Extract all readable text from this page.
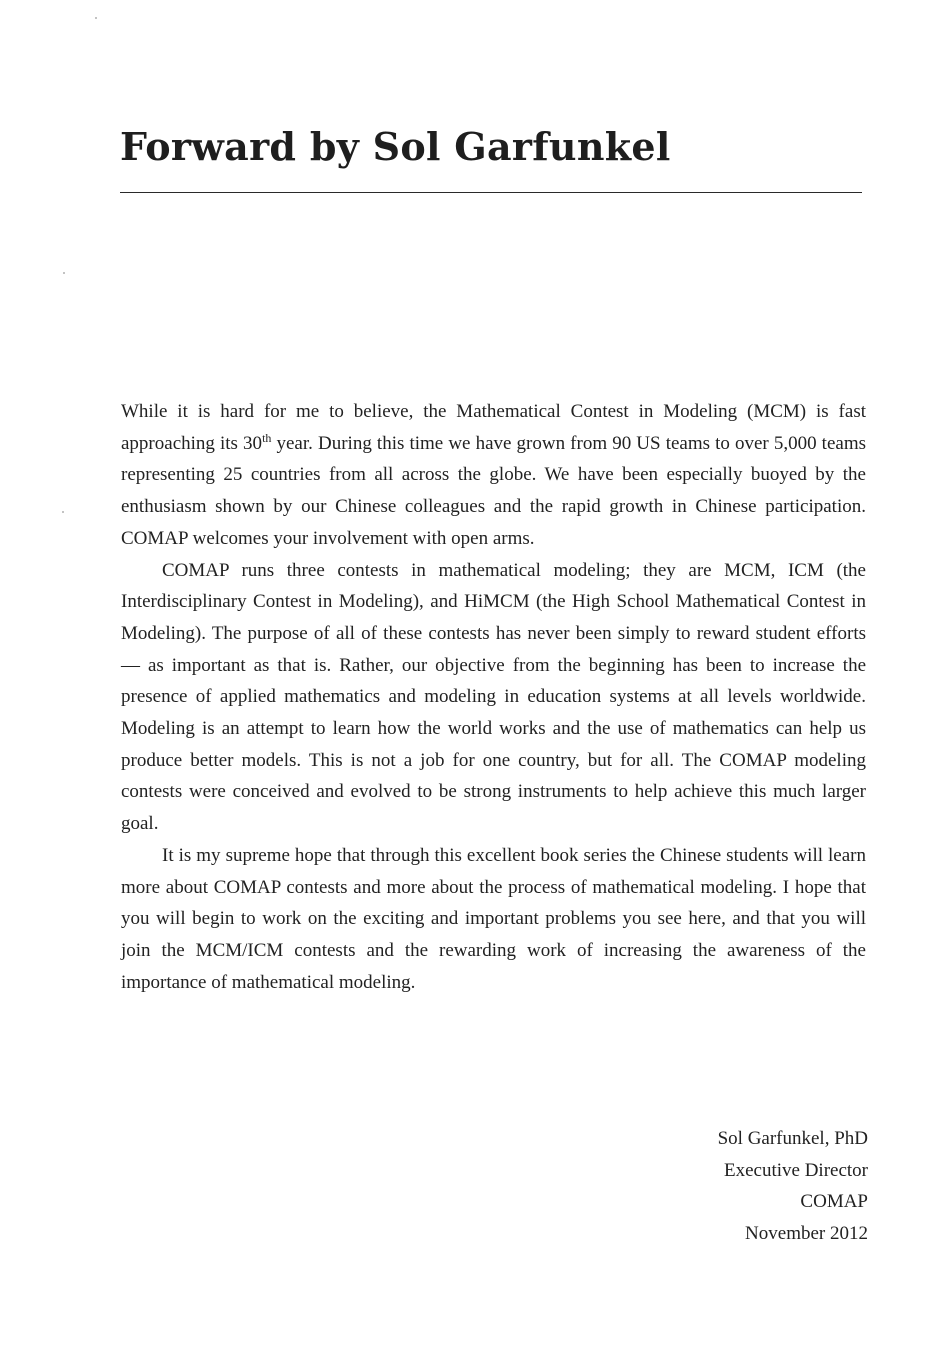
Forward by Sol Garfunkel

While it is hard for me to believe, the Mathematical Contest in Modeling (MCM) is fast approaching its 30th year. During this time we have grown from 90 US teams to over 5,000 teams representing 25 countries from all across the globe. We have been especially buoyed by the enthusiasm shown by our Chinese colleagues and the rapid growth in Chinese participation. COMAP welcomes your involvement with open arms.

COMAP runs three contests in mathematical modeling; they are MCM, ICM (the Interdisciplinary Contest in Modeling), and HiMCM (the High School Mathematical Contest in Modeling). The purpose of all of these contests has never been simply to reward student efforts — as important as that is. Rather, our objective from the beginning has been to increase the presence of applied mathematics and modeling in education systems at all levels worldwide. Modeling is an attempt to learn how the world works and the use of mathematics can help us produce better models. This is not a job for one country, but for all. The COMAP modeling contests were conceived and evolved to be strong instruments to help achieve this much larger goal.

It is my supreme hope that through this excellent book series the Chinese students will learn more about COMAP contests and more about the process of mathematical modeling. I hope that you will begin to work on the exciting and important problems you see here, and that you will join the MCM/ICM contests and the rewarding work of increasing the awareness of the importance of mathematical modeling.

Sol Garfunkel, PhD
Executive Director
COMAP
November 2012
